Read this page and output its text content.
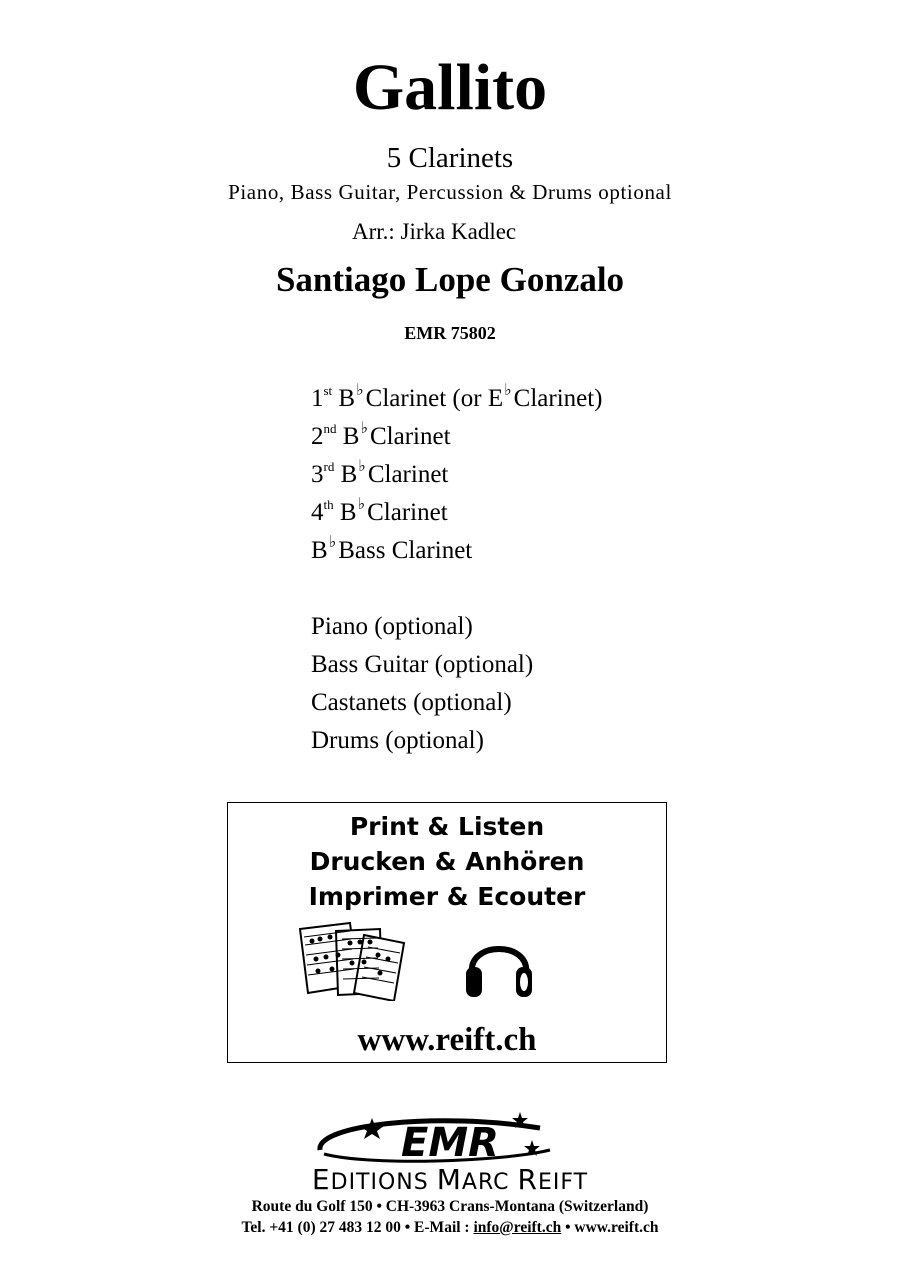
Gallito
5 Clarinets
Piano, Bass Guitar, Percussion & Drums optional
Arr.: Jirka Kadlec
Santiago Lope Gonzalo
EMR 75802
1st B♭Clarinet (or E♭Clarinet)
2nd B♭Clarinet
3rd B♭Clarinet
4th B♭Clarinet
B♭Bass Clarinet
Piano (optional)
Bass Guitar (optional)
Castanets (optional)
Drums (optional)
Print & Listen
Drucken & Anhören
Imprimer & Ecouter
www.reift.ch
EMR
EDITIONS MARC REIFT
Route du Golf 150 • CH-3963 Crans-Montana (Switzerland)
Tel. +41 (0) 27 483 12 00 • E-Mail : info@reift.ch • www.reift.ch
